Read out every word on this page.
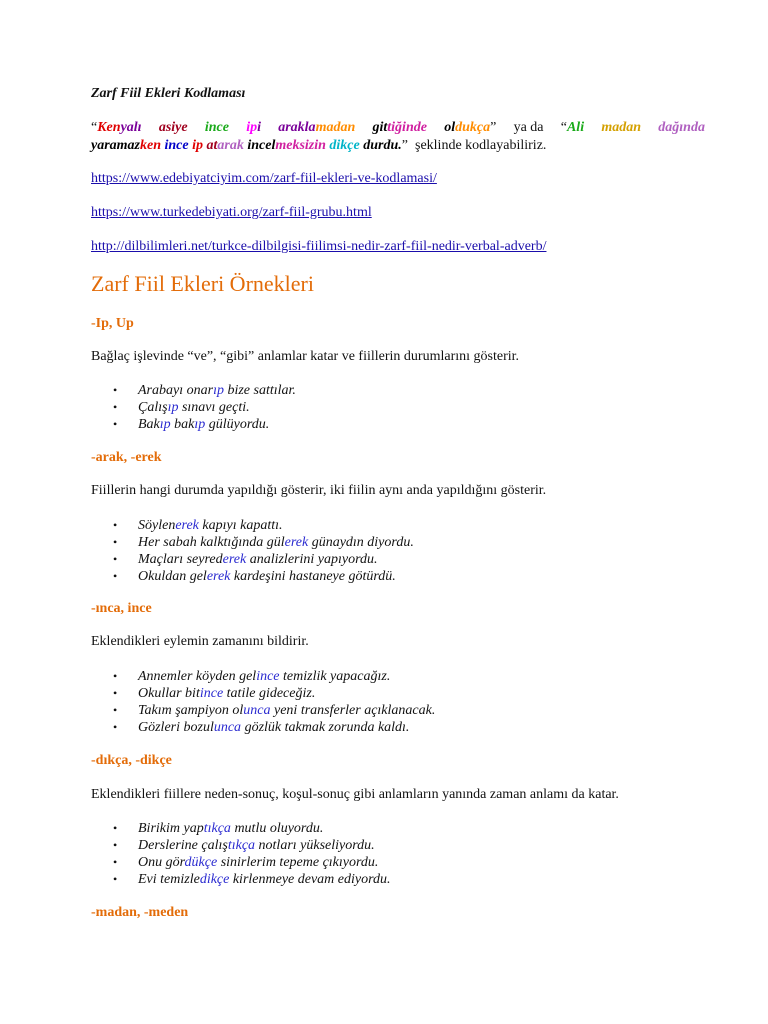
Zarf Fiil Ekleri Kodlaması
“Kenyalı asiye ince ipi araklamadan gittiğinde oldukça” ya da “Ali madan dağında
yaramazken ince ip atarak incelmeksizin dikçe durdu.” şeklinde kodlayabiliriz.
https://www.edebiyatciyim.com/zarf-fiil-ekleri-ve-kodlamasi/
https://www.turkedebiyati.org/zarf-fiil-grubu.html
http://dilbilimleri.net/turkce-dilbilgisi-fiilimsi-nedir-zarf-fiil-nedir-verbal-adverb/
Zarf Fiil Ekleri Örnekleri
-Ip, Up
Bağlaç işlevinde “ve”, “gibi” anlamlar katar ve fiillerin durumlarını gösterir.
• Arabayı onarıp bize sattılar.
• Çalışıp sınavı geçti.
• Bakıp bakıp gülüyordu.
-arak, -erek
Fiillerin hangi durumda yapıldığı gösterir, iki fiilin aynı anda yapıldığını gösterir.
• Söylenerek kapıyı kapattı.
• Her sabah kalktığında gülerek günaydın diyordu.
• Maçları seyrederek analizlerini yapıyordu.
• Okuldan gelerek kardeşini hastaneye götürdü.
-ınca, ince
Eklendikleri eylemin zamanını bildirir.
• Annemler köyden gelince temizlik yapacağız.
• Okullar bitince tatile gideceğiz.
• Takım şampiyon olunca yeni transferler açıklanacak.
• Gözleri bozulunca gözlük takmak zorunda kaldı.
-dıkça, -dikçe
Eklendikleri fiillere neden-sonuç, koşul-sonuç gibi anlamların yanında zaman anlamı da katar.
• Birikim yaptıkça mutlu oluyordu.
• Derslerine çalıştıkça notları yükseliyordu.
• Onu gördükçe sinirlerim tepeme çıkıyordu.
• Evi temizledikçe kirlenmeye devam ediyordu.
-madan, -meden
